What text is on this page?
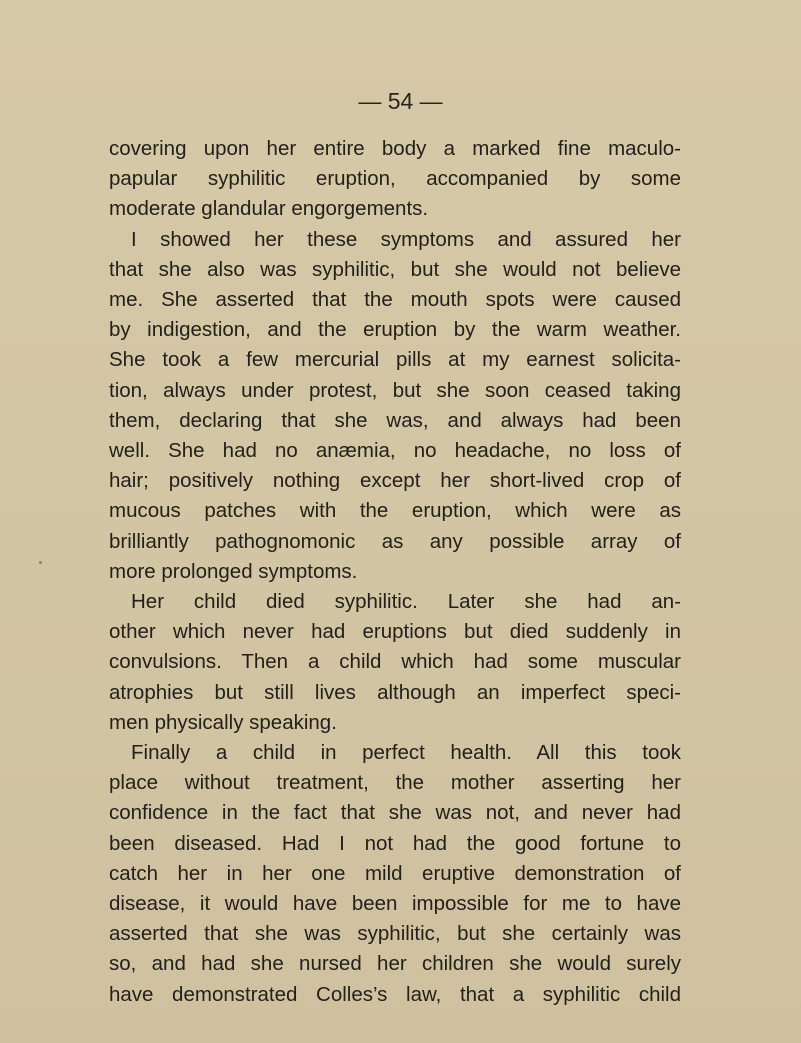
— 54 —
covering upon her entire body a marked fine maculo-
papular syphilitic eruption, accompanied by some
moderate glandular engorgements.
I showed her these symptoms and assured her
that she also was syphilitic, but she would not believe
me. She asserted that the mouth spots were caused
by indigestion, and the eruption by the warm weather.
She took a few mercurial pills at my earnest solicita-
tion, always under protest, but she soon ceased taking
them, declaring that she was, and always had been
well. She had no anæmia, no headache, no loss of
hair; positively nothing except her short-lived crop of
mucous patches with the eruption, which were as
brilliantly pathognomonic as any possible array of
more prolonged symptoms.
Her child died syphilitic. Later she had an-
other which never had eruptions but died suddenly in
convulsions. Then a child which had some muscular
atrophies but still lives although an imperfect speci-
men physically speaking.
Finally a child in perfect health. All this took
place without treatment, the mother asserting her
confidence in the fact that she was not, and never had
been diseased. Had I not had the good fortune to
catch her in her one mild eruptive demonstration of
disease, it would have been impossible for me to have
asserted that she was syphilitic, but she certainly was
so, and had she nursed her children she would surely
have demonstrated Colles’s law, that a syphilitic child
